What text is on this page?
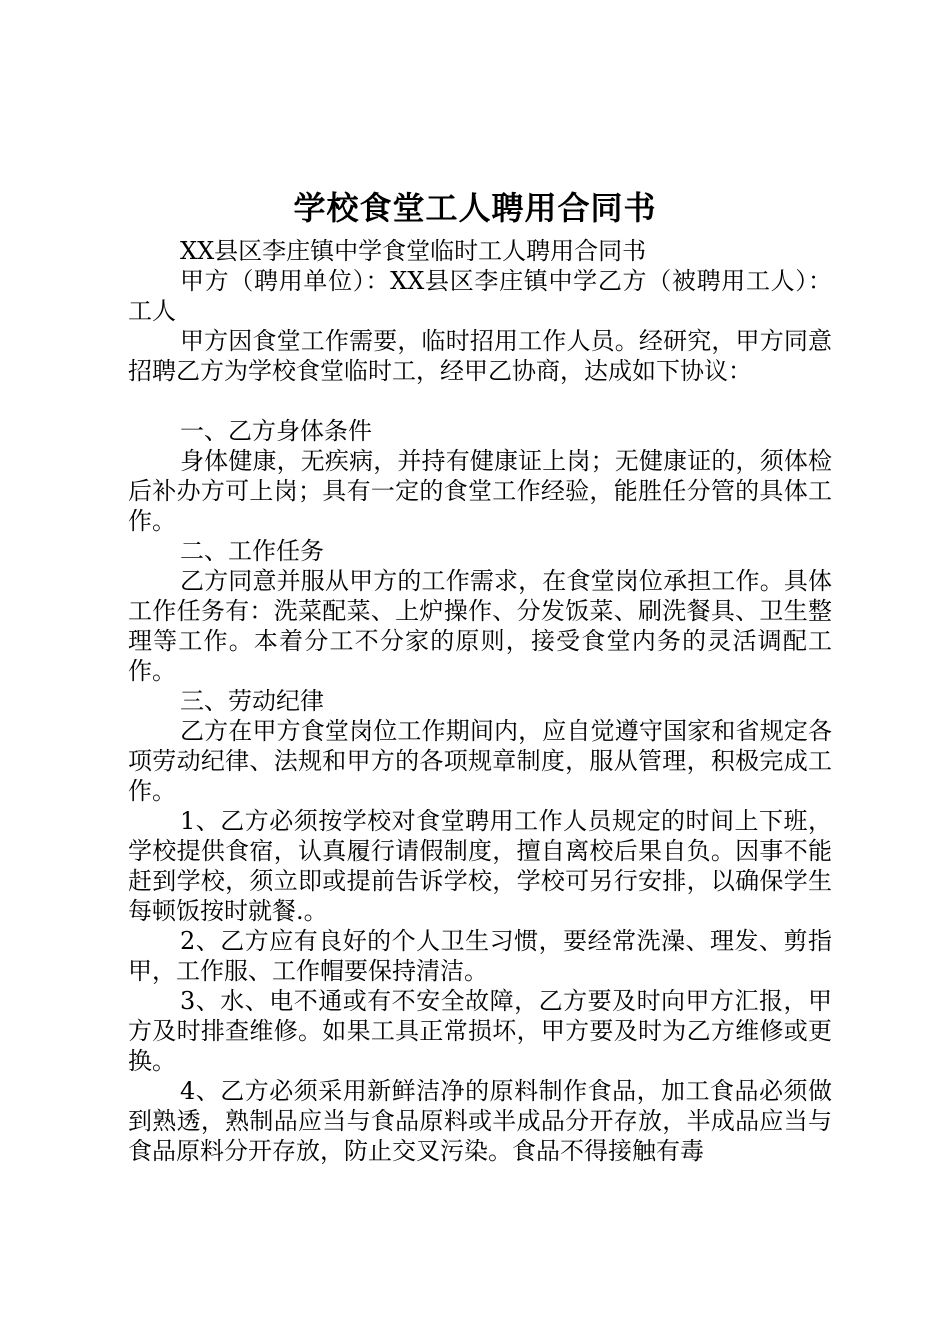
学校食堂工人聘用合同书

XX县区李庄镇中学食堂临时工人聘用合同书

甲方（聘用单位）：XX县区李庄镇中学乙方（被聘用工人）：工人

甲方因食堂工作需要，临时招用工作人员。经研究，甲方同意招聘乙方为学校食堂临时工，经甲乙协商，达成如下协议：

一、乙方身体条件

身体健康，无疾病，并持有健康证上岗；无健康证的，须体检后补办方可上岗；具有一定的食堂工作经验，能胜任分管的具体工作。

二、工作任务

乙方同意并服从甲方的工作需求，在食堂岗位承担工作。具体工作任务有：洗菜配菜、上炉操作、分发饭菜、刷洗餐具、卫生整理等工作。本着分工不分家的原则，接受食堂内务的灵活调配工作。

三、劳动纪律

乙方在甲方食堂岗位工作期间内，应自觉遵守国家和省规定各项劳动纪律、法规和甲方的各项规章制度，服从管理，积极完成工作。

1、乙方必须按学校对食堂聘用工作人员规定的时间上下班，学校提供食宿，认真履行请假制度，擅自离校后果自负。因事不能赶到学校，须立即或提前告诉学校，学校可另行安排，以确保学生每顿饭按时就餐.。

2、乙方应有良好的个人卫生习惯，要经常洗澡、理发、剪指甲，工作服、工作帽要保持清洁。

3、水、电不通或有不安全故障，乙方要及时向甲方汇报，甲方及时排查维修。如果工具正常损坏，甲方要及时为乙方维修或更换。

4、乙方必须采用新鲜洁净的原料制作食品，加工食品必须做到熟透，熟制品应当与食品原料或半成品分开存放，半成品应当与食品原料分开存放，防止交叉污染。食品不得接触有毒
